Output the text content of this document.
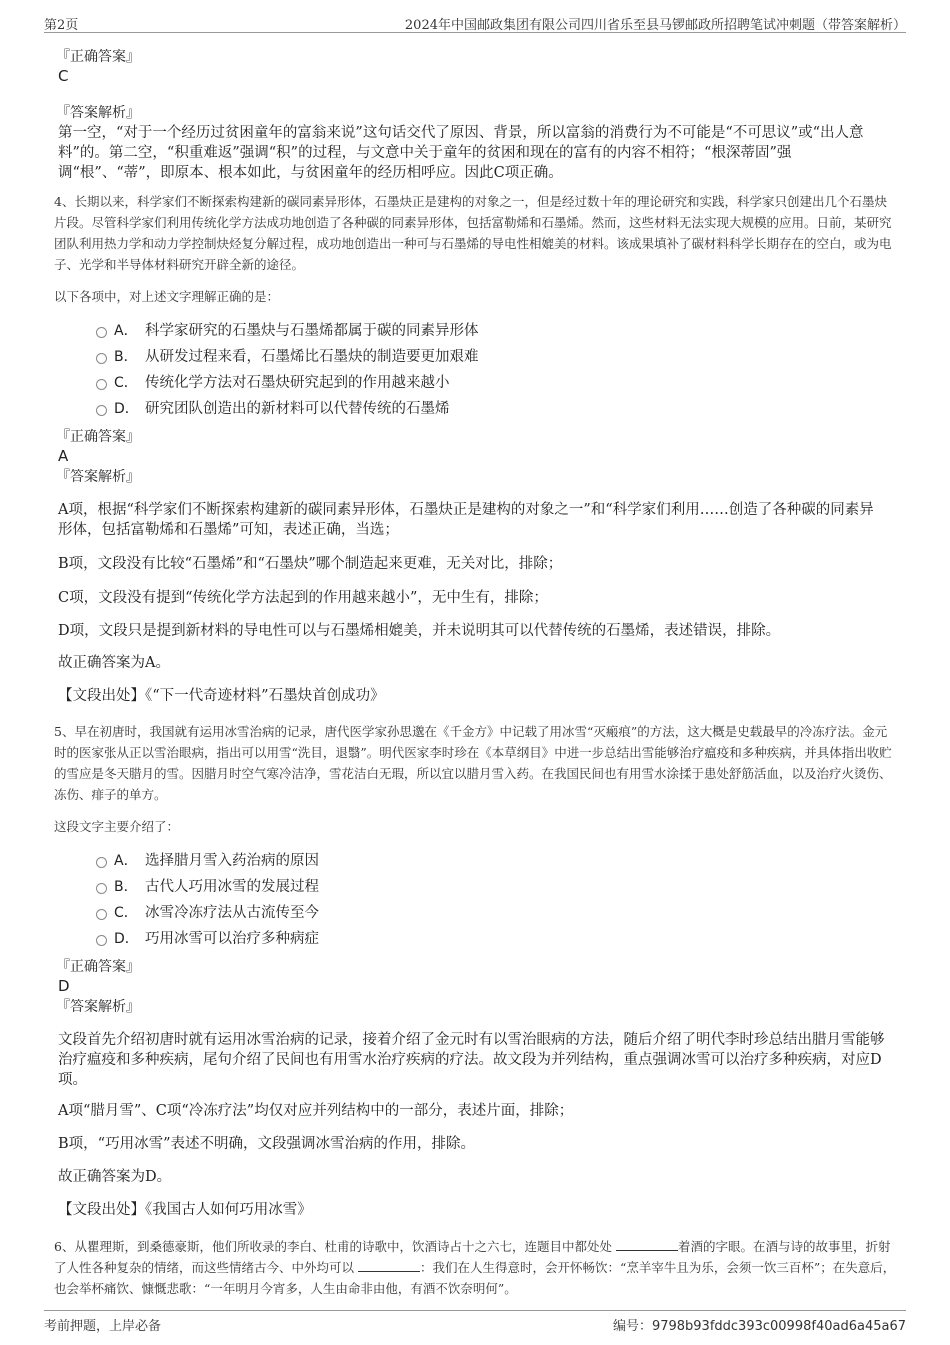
第2页	2024年中国邮政集团有限公司四川省乐至县马锣邮政所招聘笔试冲刺题（带答案解析）
『正确答案』
C
『答案解析』
第一空，“对于一个经历过贫困童年的富翁来说”这句话交代了原因、背景，所以富翁的消费行为不可能是“不可思议”或“出人意料”的。第二空，“积重难返”强调“积”的过程，与文意中关于童年的贫困和现在的富有的内容不相符；“根深蒂固”强调“根”、“蒂”，即原本、根本如此，与贫困童年的经历相呼应。因此C项正确。
4、长期以来，科学家们不断探索构建新的碳同素异形体，石墨炔正是建构的对象之一，但是经过数十年的理论研究和实践，科学家只创建出几个石墨炔片段。尽管科学家们利用传统化学方法成功地创造了各种碳的同素异形体，包括富勒烯和石墨烯。然而，这些材料无法实现大规模的应用。日前，某研究团队利用热力学和动力学控制炔烃复分解过程，成功地创造出一种可与石墨烯的导电性相媲美的材料。该成果填补了碳材料科学长期存在的空白，或为电子、光学和半导体材料研究开辟全新的途径。
以下各项中，对上述文字理解正确的是：
A． 科学家研究的石墨炔与石墨烯都属于碳的同素异形体
B． 从研发过程来看，石墨烯比石墨炔的制造要更加艰难
C． 传统化学方法对石墨炔研究起到的作用越来越小
D． 研究团队创造出的新材料可以代替传统的石墨烯
『正确答案』
A
『答案解析』
A项，根据“科学家们不断探索构建新的碳同素异形体，石墨炔正是建构的对象之一”和“科学家们利用……创造了各种碳的同素异形体，包括富勒烯和石墨烯”可知，表述正确，当选；
B项，文段没有比较“石墨烯”和“石墨炔”哪个制造起来更难，无关对比，排除；
C项，文段没有提到“传统化学方法起到的作用越来越小”，无中生有，排除；
D项，文段只是提到新材料的导电性可以与石墨烯相媲美，并未说明其可以代替传统的石墨烯，表述错误，排除。
故正确答案为A。
【文段出处】《“下一代奇迹材料”石墨炔首创成功》
5、早在初唐时，我国就有运用冰雪治病的记录，唐代医学家孙思邈在《千金方》中记载了用冰雪“灭瘢痕”的方法，这大概是史载最早的冷冻疗法。金元时的医家张从正以雪治眼病，指出可以用雪“洗目，退翳”。明代医家李时珍在《本草纲目》中进一步总结出雪能够治疗瘟疫和多种疾病，并具体指出收贮的雪应是冬天腊月的雪。因腊月时空气寒冷洁净，雪花洁白无瑕，所以宜以腊月雪入药。在我国民间也有用雪水涂揉于患处舒筋活血，以及治疗火烫伤、冻伤、痱子的单方。
这段文字主要介绍了：
A． 选择腊月雪入药治病的原因
B． 古代人巧用冰雪的发展过程
C． 冰雪冷冻疗法从古流传至今
D． 巧用冰雪可以治疗多种病症
『正确答案』
D
『答案解析』
文段首先介绍初唐时就有运用冰雪治病的记录，接着介绍了金元时有以雪治眼病的方法，随后介绍了明代李时珍总结出腊月雪能够治疗瘟疫和多种疾病，尾句介绍了民间也有用雪水治疗疾病的疗法。故文段为并列结构，重点强调冰雪可以治疗多种疾病，对应D项。
A项“腊月雪”、C项“冷冻疗法”均仅对应并列结构中的一部分，表述片面，排除；
B项，“巧用冰雪”表述不明确，文段强调冰雪治病的作用，排除。
故正确答案为D。
【文段出处】《我国古人如何巧用冰雪》
6、从瞿理斯，到桑德豪斯，他们所收录的李白、杜甫的诗歌中，饮酒诗占十之六七，连题目中都处处	着酒的字眼。在酒与诗的故事里，折射了人性各种复杂的情绪，而这些情绪古今、中外均可以	：我们在人生得意时，会开怀畅饮：“烹羊宰牛且为乐，会须一饮三百杯”；在失意后，也会举杯痛饮、慷慨悲歌：“一年明月今宵多，人生由命非由他，有酒不饮奈明何”。
考前押题，上岸必备	编号：9798b93fddc393c00998f40ad6a45a67
